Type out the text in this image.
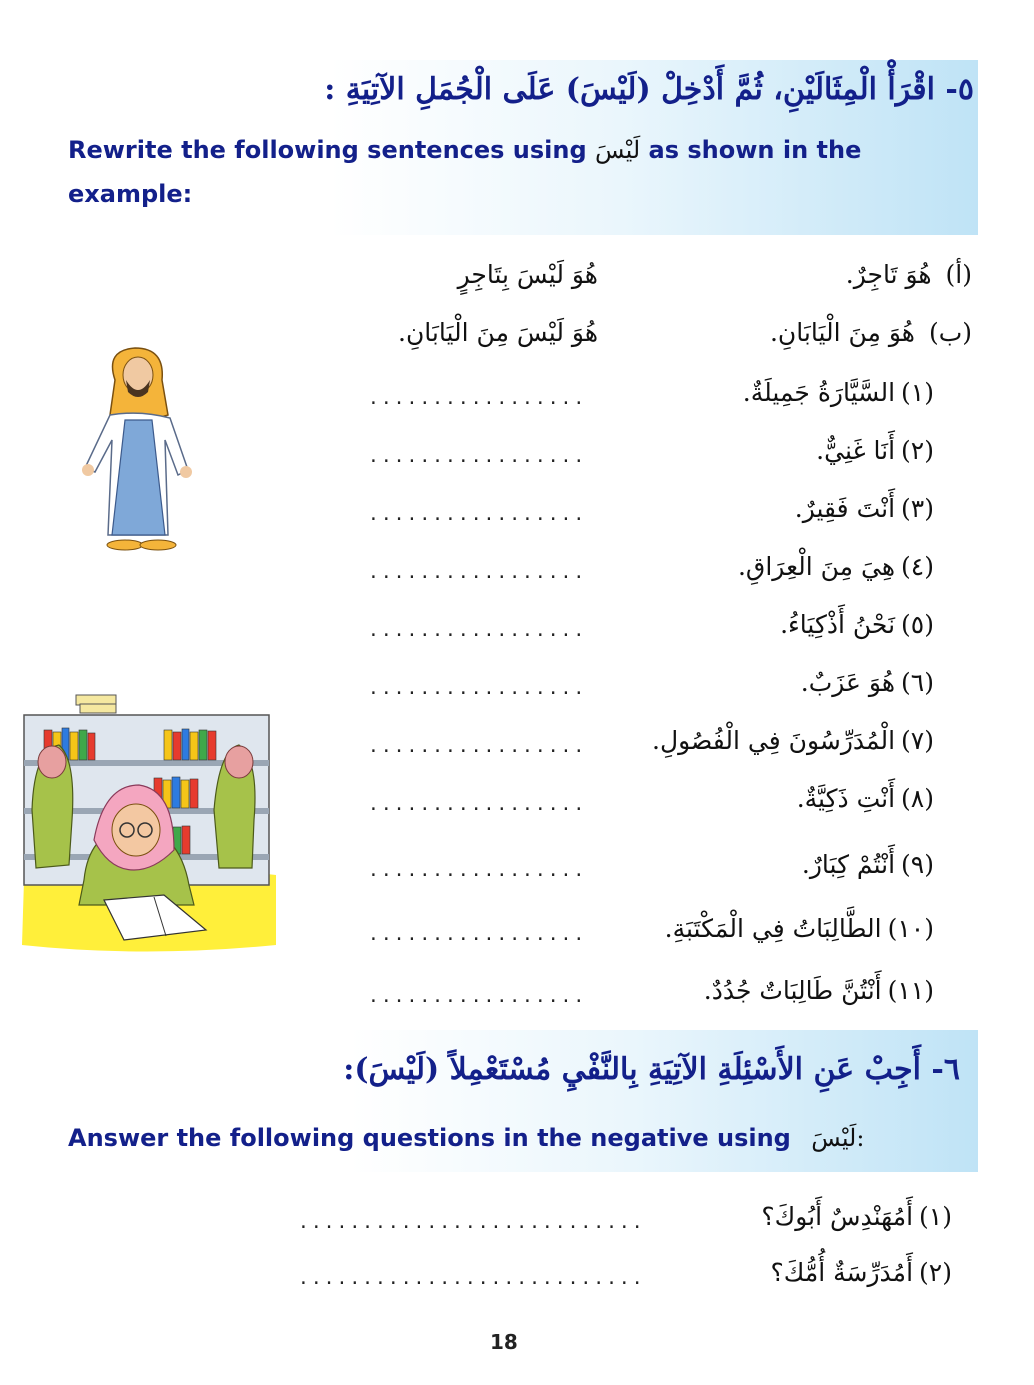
٥- اقْرَأْ الْمِثَالَيْنِ، ثُمَّ أَدْخِلْ (لَيْسَ) عَلَى الْجُمَلِ الآتِيَةِ :
Rewrite the following sentences using لَيْسَ as shown in the
example:
(أ) هُوَ تَاجِرٌ.
هُوَ لَيْسَ بِتَاجِرٍ
(ب) هُوَ مِنَ الْيَابَانِ.
هُوَ لَيْسَ مِنَ الْيَابَانِ.
(١)السَّيَّارَةُ جَمِيلَةٌ.
.................
(٢)أَنَا غَنِيٌّ.
.................
(٣)أَنْتَ فَقِيرٌ.
.................
(٤)هِيَ مِنَ الْعِرَاقِ.
.................
(٥)نَحْنُ أَذْكِيَاءُ.
.................
(٦)هُوَ عَزَبٌ.
.................
(٧)الْمُدَرِّسُونَ فِي الْفُصُولِ.
.................
(٨)أَنْتِ ذَكِيَّةٌ.
.................
(٩)أَنْتُمْ كِبَارٌ.
.................
(١٠)الطَّالِبَاتُ فِي الْمَكْتَبَةِ.
.................
(١١)أَنْتُنَّ طَالِبَاتٌ جُدُدٌ.
.................
٦- أَجِبْ عَنِ الأَسْئِلَةِ الآتِيَةِ بِالنَّفْيِ مُسْتَعْمِلاً (لَيْسَ):
Answer the following questions in the negative using لَيْسَ:
(١)أَمُهَنْدِسٌ أَبُوكَ؟
...........................
(٢)أَمُدَرِّسَةٌ أُمُّكَ؟
...........................
18
